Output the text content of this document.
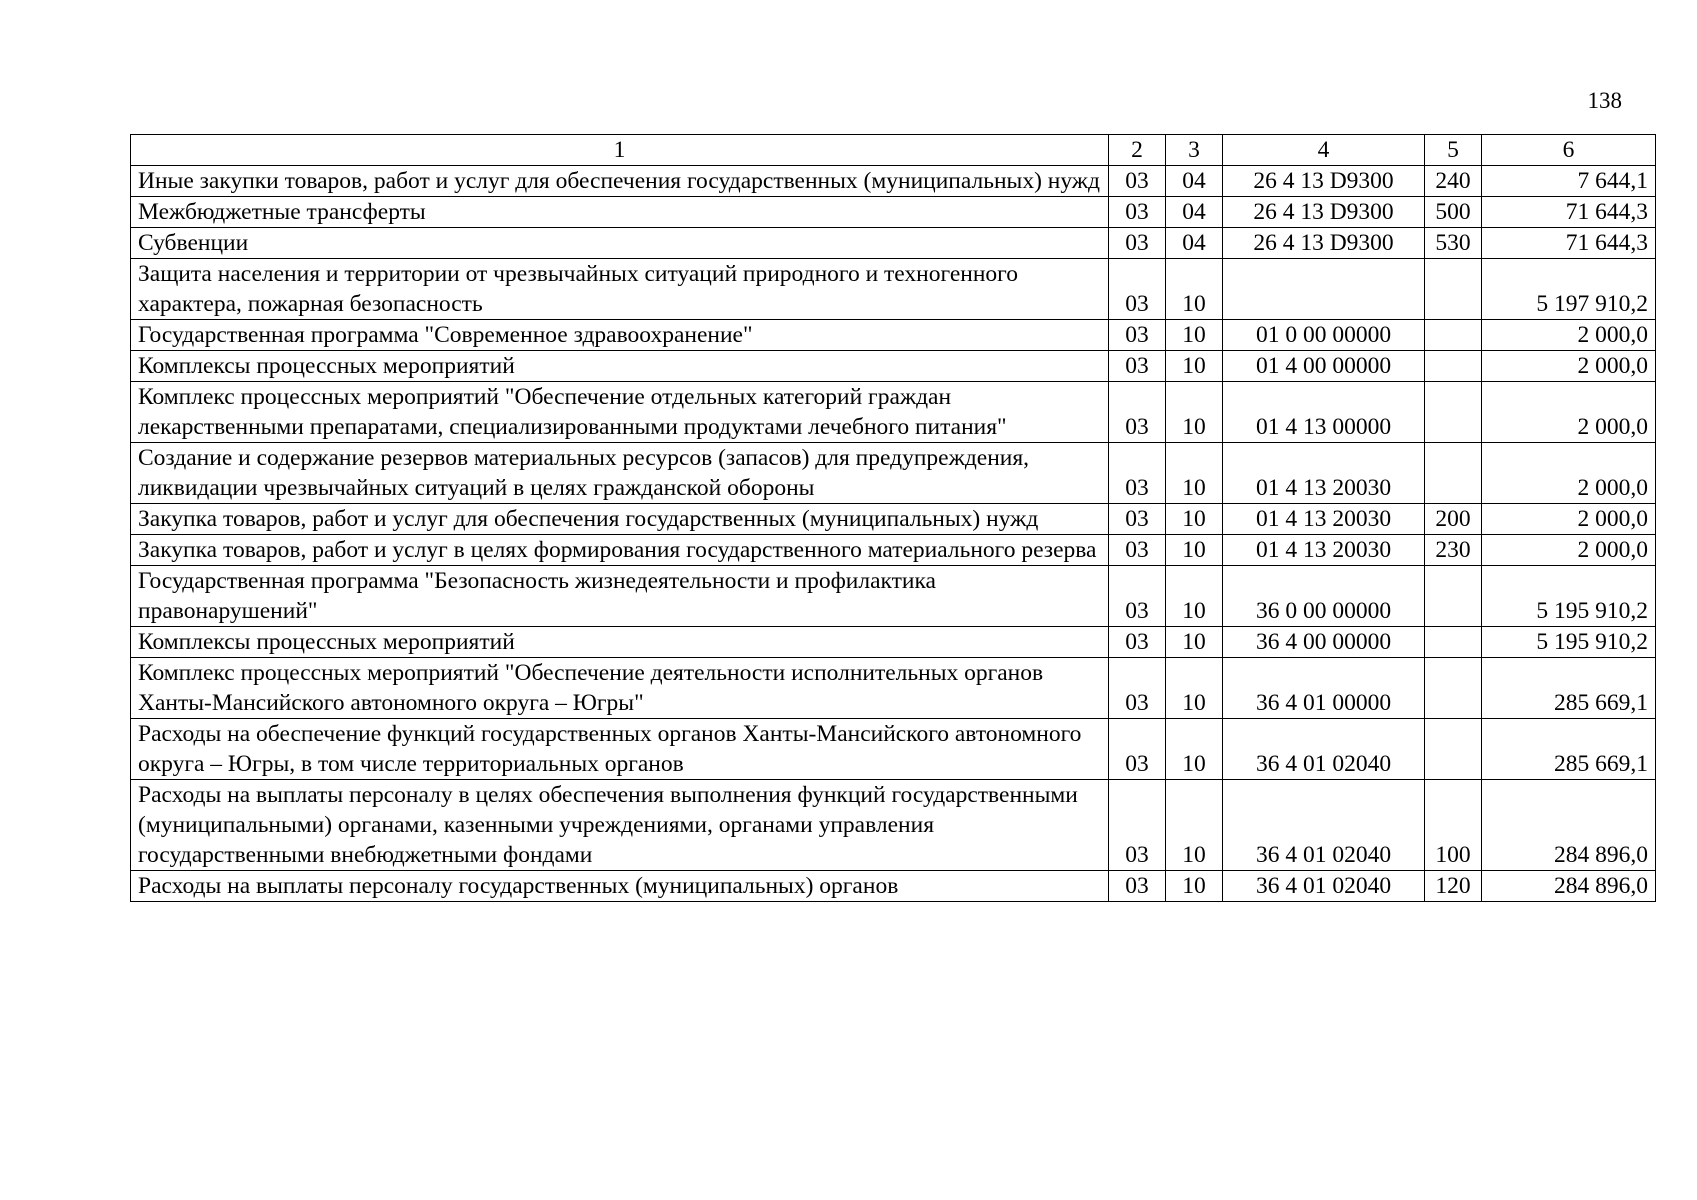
138
1	2	3	4	5	6
Иные закупки товаров, работ и услуг для обеспечения государственных (муниципальных) нужд	03	04	26 4 13 D9300	240	7 644,1
Межбюджетные трансферты	03	04	26 4 13 D9300	500	71 644,3
Субвенции	03	04	26 4 13 D9300	530	71 644,3
Защита населения и территории от чрезвычайных ситуаций природного и техногенного характера, пожарная безопасность	03	10			5 197 910,2
Государственная программа "Современное здравоохранение"	03	10	01 0 00 00000		2 000,0
Комплексы процессных мероприятий	03	10	01 4 00 00000		2 000,0
Комплекс процессных мероприятий "Обеспечение отдельных категорий граждан лекарственными препаратами, специализированными продуктами лечебного питания"	03	10	01 4 13 00000		2 000,0
Создание и содержание резервов материальных ресурсов (запасов) для предупреждения, ликвидации чрезвычайных ситуаций в целях гражданской обороны	03	10	01 4 13 20030		2 000,0
Закупка товаров, работ и услуг для обеспечения государственных (муниципальных) нужд	03	10	01 4 13 20030	200	2 000,0
Закупка товаров, работ и услуг в целях формирования государственного материального резерва	03	10	01 4 13 20030	230	2 000,0
Государственная программа "Безопасность жизнедеятельности и профилактика правонарушений"	03	10	36 0 00 00000		5 195 910,2
Комплексы процессных мероприятий	03	10	36 4 00 00000		5 195 910,2
Комплекс процессных мероприятий "Обеспечение деятельности исполнительных органов Ханты-Мансийского автономного округа – Югры"	03	10	36 4 01 00000		285 669,1
Расходы на обеспечение функций государственных органов Ханты-Мансийского автономного округа – Югры, в том числе территориальных органов	03	10	36 4 01 02040		285 669,1
Расходы на выплаты персоналу в целях обеспечения выполнения функций государственными (муниципальными) органами, казенными учреждениями, органами управления государственными внебюджетными фондами	03	10	36 4 01 02040	100	284 896,0
Расходы на выплаты персоналу государственных (муниципальных) органов	03	10	36 4 01 02040	120	284 896,0
